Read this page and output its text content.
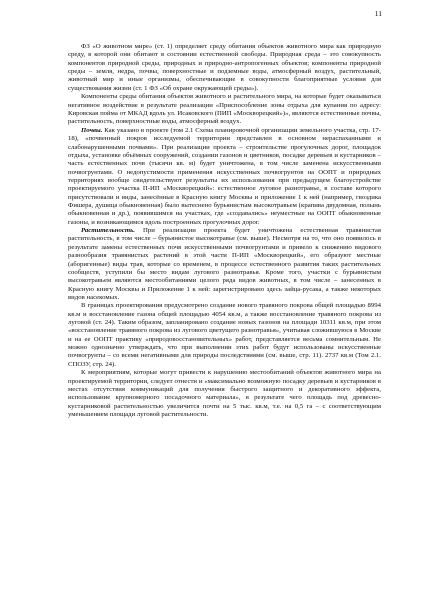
11

ФЗ «О животном мире» (ст. 1) определяет среду обитания объектов животного мира как природную среду, в которой они обитают в состоянии естественной свободы. Природная среда – это совокупность компонентов природной среды, природных и природно-антропогенных объектов; компоненты природной среды – земля, недра, почвы, поверхностные и подземные воды, атмосферный воздух, растительный, животный мир и иные организмы, обеспечивающие в совокупности благоприятные условия для существования жизни (ст. 1 ФЗ «Об охране окружающей среды»).

Компоненты среды обитания объектов животного и растительного мира, на которые будет оказываться негативное воздействие в результате реализации «Приспособление зоны отдыха для купания по адресу: Кировская пойма от МКАД вдоль ул. Исаковского (ПИП «Москворецкий»)», являются естественные почвы, растительность, поверхностные воды, атмосферный воздух.

Почвы. Как указано в проекте (том 2.1 Схема планировочной организации земельного участка, стр. 17-18), «почвенный покров исследуемой территории представлен в основном нераспаханными и слабонарушенными почвами». При реализации проекта – строительстве прогулочных дорог, площадок отдыха, установке объёмных сооружений, создании газонов и цветников, посадке деревьев и кустарников – часть естественных почв (тысячи кв. м) будет уничтожена, в том числе заменена искусственными почвогрунтами. О недопустимости применения искусственных почвогрунтов на ООПТ и природных территориях вообще свидетельствуют результаты их использования при предыдущем благоустройстве проектируемого участка П-ИП «Москворецкий»: естественное луговое разнотравье, в составе которого присутствовали и виды, занесённые в Красную книгу Москвы и приложение 1 к ней (например, гвоздика Фишера, душица обыкновенная) было вытеснено бурьянистым высокотравьем (крапива двудомная, полынь обыкновенная и др.), появившимся на участках, где «создавались» неуместные на ООПТ обыкновенные газоны, и возникающимся вдоль построенных прогулочных дорог.

Растительность. При реализации проекта будет уничтожена естественная травянистая растительность, в том числе – бурьянистое высокотравье (см. выше). Несмотря на то, что оно появилось в результате замены естественных почв искусственными почвогрунтами и привело к снижению видового разнообразия травянистых растений в этой части П-ИП «Москворецкий», его образуют местные (аборигенные) виды трав, которые со временем, в процессе естественного развития таких растительных сообществ, уступили бы место видам лугового разнотравья. Кроме того, участки с бурьянистым высокотравьем являются местообитаниями целого ряда видов животных, в том числе – занесенных в Красную книгу Москвы и Приложение 1 к ней: зарегистрировано здесь зайца-русака, а также некоторых видов насекомых.

В границах проектирования предусмотрено создание нового травяного покрова общей площадью 8994 кв.м и восстановление газона общей площадью 4054 кв.м, а также восстановление травяного покрова из луговой (ст. 24). Таким образом, запланировано создание новых газонов на площади 10311 кв.м, при этом «восстановление травяного покрова из лугового цветущего разнотравья», учитывая сложившуюся в Москве и на ее ООПТ практику «природовосстановительных» работ, представляется весьма сомнительным. Не можно однозначно утверждать, что при выполнении этих работ будут использованы искусственные почвогрунты – со всеми негативными для природы последствиями (см. выше, стр. 11). 2737 кв.м (Том 2.1. СПОЗУ, стр. 24).

К мероприятиям, которые могут привести к нарушению местообитаний объектов животного мира на проектируемой территории, следует отнести и «максимально возможную посадку деревьев и кустарников в местах отсутствия коммуникаций для получения быстрого защитного и декоративного эффекта, использование крупномерного посадочного материала», в результате чего площадь под древесно-кустарниковой растительностью увеличится почти на 5 тыс. кв.м, т.е. на 0,5 га – с соответствующим уменьшением площади луговой растительности.
